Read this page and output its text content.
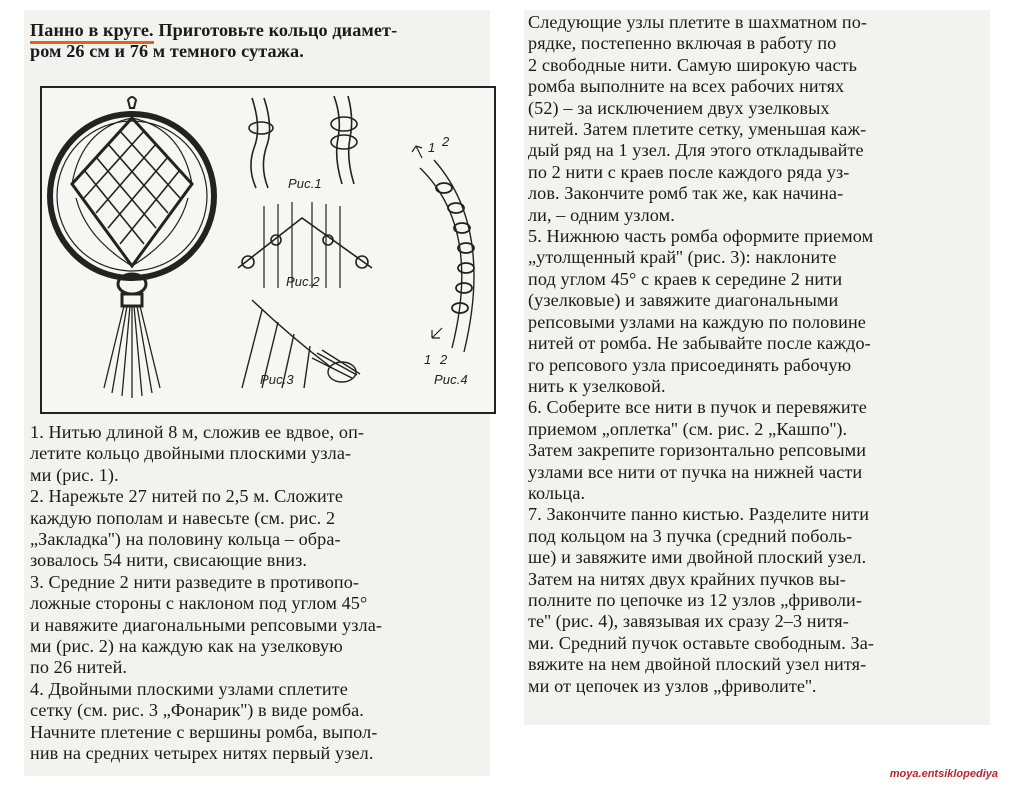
Панно в круге. Приготовьте кольцо диамет-

ром 26 см и 76 м темного сутажа.

Рис.1
Рис.2
Рис.3
1 2
1 2
Рис.4

1. Нитью длиной 8 м, сложив ее вдвое, оп-

летите кольцо двойными плоскими узла-

ми (рис. 1).

2. Нарежьте 27 нитей по 2,5 м. Сложите

каждую пополам и навесьте (см. рис. 2

„Закладка'') на половину кольца – обра-

зовалось 54 нити, свисающие вниз.

3. Средние 2 нити разведите в противопо-

ложные стороны с наклоном под углом 45°

и навяжите диагональными репсовыми узла-

ми (рис. 2) на каждую как на узелковую

по 26 нитей.

4. Двойными плоскими узлами сплетите

сетку (см. рис. 3 „Фонарик'') в виде ромба.

Начните плетение с вершины ромба, выпол-

нив на средних четырех нитях первый узел.

Следующие узлы плетите в шахматном по-

рядке, постепенно включая в работу по

2 свободные нити. Самую широкую часть

ромба выполните на всех рабочих нитях

(52) – за исключением двух узелковых

нитей. Затем плетите сетку, уменьшая каж-

дый ряд на 1 узел. Для этого откладывайте

по 2 нити с краев после каждого ряда уз-

лов. Закончите ромб так же, как начина-

ли, – одним узлом.

5. Нижнюю часть ромба оформите приемом

„утолщенный край'' (рис. 3): наклоните

под углом 45° с краев к середине 2 нити

(узелковые) и завяжите диагональными

репсовыми узлами на каждую по половине

нитей от ромба. Не забывайте после каждо-

го репсового узла присоединять рабочую

нить к узелковой.

6. Соберите все нити в пучок и перевяжите

приемом „оплетка'' (см. рис. 2 „Кашпо'').

Затем закрепите горизонтально репсовыми

узлами все нити от пучка на нижней части

кольца.

7. Закончите панно кистью. Разделите нити

под кольцом на 3 пучка (средний поболь-

ше) и завяжите ими двойной плоский узел.

Затем на нитях двух крайних пучков вы-

полните по цепочке из 12 узлов „фриволи-

те'' (рис. 4), завязывая их сразу 2–3 нитя-

ми. Средний пучок оставьте свободным. За-

вяжите на нем двойной плоский узел нитя-

ми от цепочек из узлов „фриволите''.

moya.entsiklopediya
